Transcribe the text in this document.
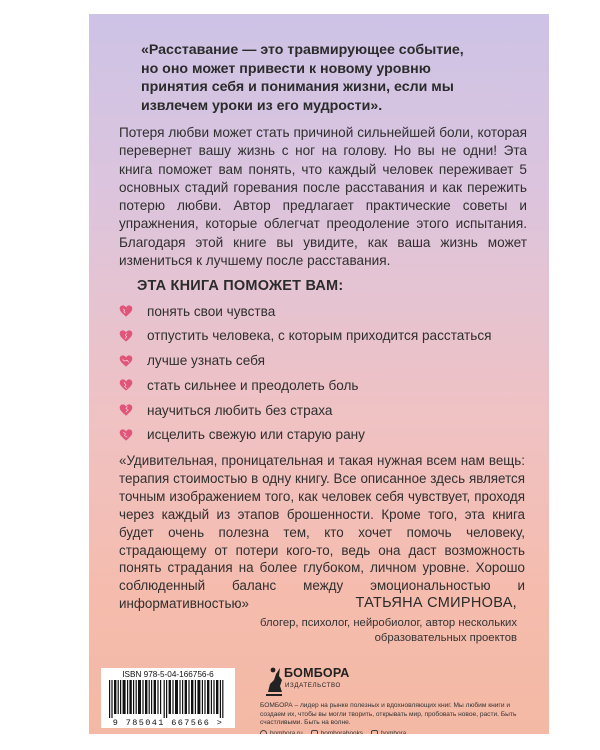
«Расставание — это травмирующее событие, но оно может привести к новому уровню принятия себя и понимания жизни, если мы извлечем уроки из его мудрости».
Потеря любви может стать причиной сильнейшей боли, которая перевернет вашу жизнь с ног на голову. Но вы не одни! Эта книга поможет вам понять, что каждый человек переживает 5 основных стадий горевания после расставания и как пережить потерю любви. Автор предлагает практические советы и упражнения, которые облегчат преодоление этого испытания. Благодаря этой книге вы увидите, как ваша жизнь может измениться к лучшему после расставания.
ЭТА КНИГА ПОМОЖЕТ ВАМ:
понять свои чувства
отпустить человека, с которым приходится расстаться
лучше узнать себя
стать сильнее и преодолеть боль
научиться любить без страха
исцелить свежую или старую рану
«Удивительная, проницательная и такая нужная всем нам вещь: терапия стоимостью в одну книгу. Все описанное здесь является точным изображением того, как человек себя чувствует, проходя через каждый из этапов брошенности. Кроме того, эта книга будет очень полезна тем, кто хочет помочь человеку, страдающему от потери кого-то, ведь она даст возможность понять страдания на более глубоком, личном уровне. Хорошо соблюденный баланс между эмоциональностью и информативностью»	ТАТЬЯНА СМИРНОВА,
блогер, психолог, нейробиолог, автор нескольких образовательных проектов
ISBN 978-5-04-166756-6
9 785041 667566 >
БОМБОРА
ИЗДАТЕЛЬСТВО
БОМБОРА – лидер на рынке полезных и вдохновляющих книг. Мы любим книги и создаем их, чтобы вы могли творить, открывать мир, пробовать новое, расти. Быть счастливыми. Быть на волне.
bombora.ru	bomborabooks	bombora
